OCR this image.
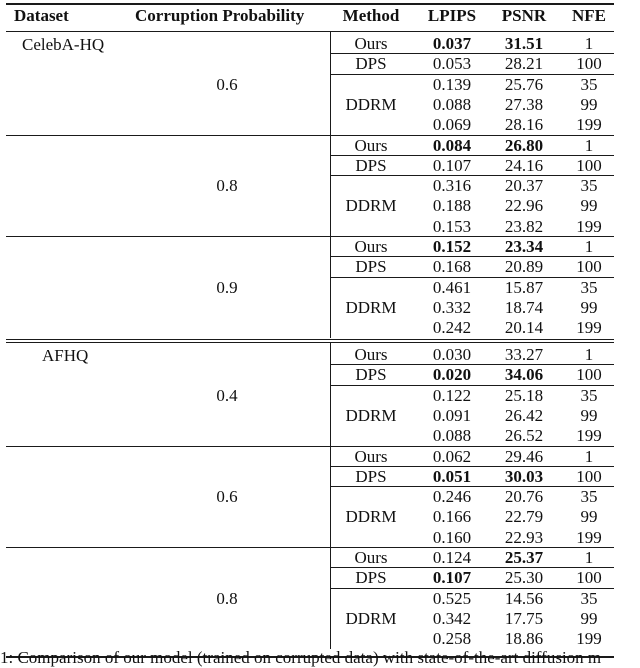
Dataset	Corruption Probability Method LPIPS PSNR NFE
CelebA-HQ
0.6
Ours	0.037 31.51 1
DPS	0.053 28.21 100
0.139 25.76 35
DDRM 0.088 27.38 99
0.069 28.16 199
0.8
Ours	0.084 26.80 1
DPS	0.107 24.16 100
0.316 20.37 35
DDRM 0.188 22.96 99
0.153 23.82 199
0.9
Ours	0.152 23.34 1
DPS	0.168 20.89 100
0.461 15.87 35
DDRM 0.332 18.74 99
0.242 20.14 199
AFHQ
0.4
Ours	0.030 33.27 1
DPS	0.020 34.06 100
0.122 25.18 35
DDRM 0.091 26.42 99
0.088 26.52 199
0.6
Ours	0.062 29.46 1
DPS	0.051 30.03 100
0.246 20.76 35
DDRM 0.166 22.79 99
0.160 22.93 199
0.8
Ours	0.124 25.37 1
DPS	0.107 25.30 100
0.525 14.56 35
DDRM 0.342 17.75 99
0.258 18.86 199
1: Comparison of our model (trained on corrupted data) with state-of-the-art diffusion m
